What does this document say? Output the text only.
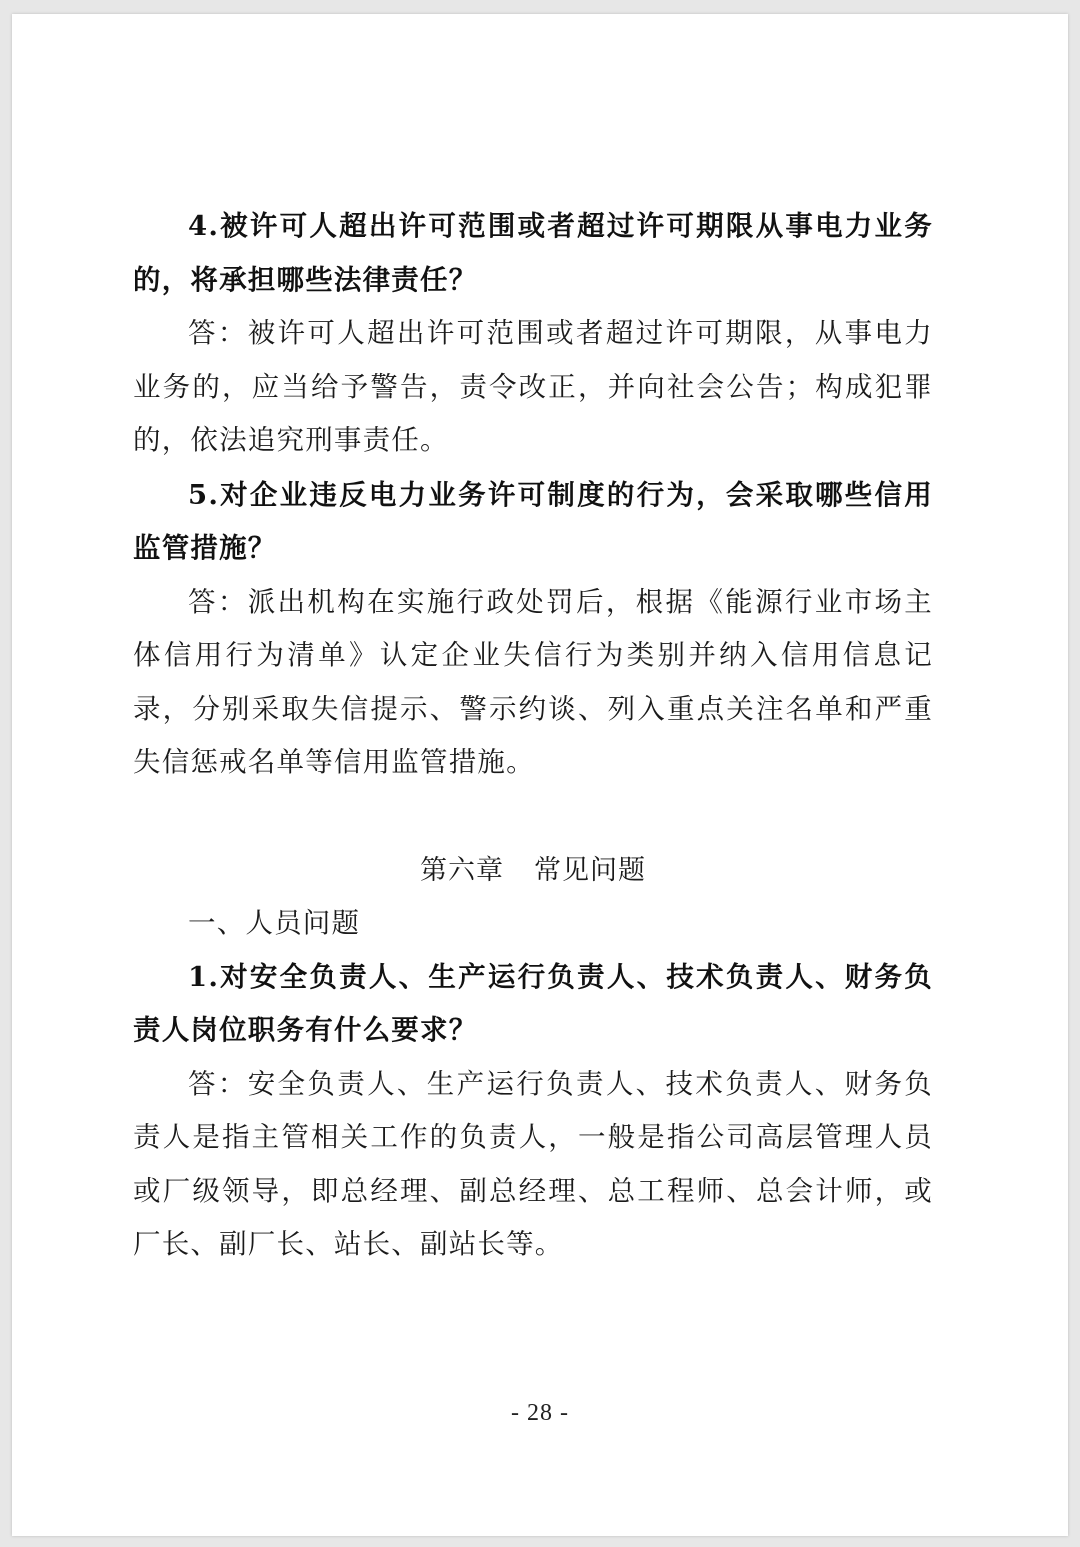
4.被许可人超出许可范围或者超过许可期限从事电力业务的，将承担哪些法律责任？

答：被许可人超出许可范围或者超过许可期限，从事电力业务的，应当给予警告，责令改正，并向社会公告；构成犯罪的，依法追究刑事责任。

5.对企业违反电力业务许可制度的行为，会采取哪些信用监管措施？

答：派出机构在实施行政处罚后，根据《能源行业市场主体信用行为清单》认定企业失信行为类别并纳入信用信息记录，分别采取失信提示、警示约谈、列入重点关注名单和严重失信惩戒名单等信用监管措施。

第六章 常见问题

一、人员问题

1.对安全负责人、生产运行负责人、技术负责人、财务负责人岗位职务有什么要求？

答：安全负责人、生产运行负责人、技术负责人、财务负责人是指主管相关工作的负责人，一般是指公司高层管理人员或厂级领导，即总经理、副总经理、总工程师、总会计师，或厂长、副厂长、站长、副站长等。

- 28 -
